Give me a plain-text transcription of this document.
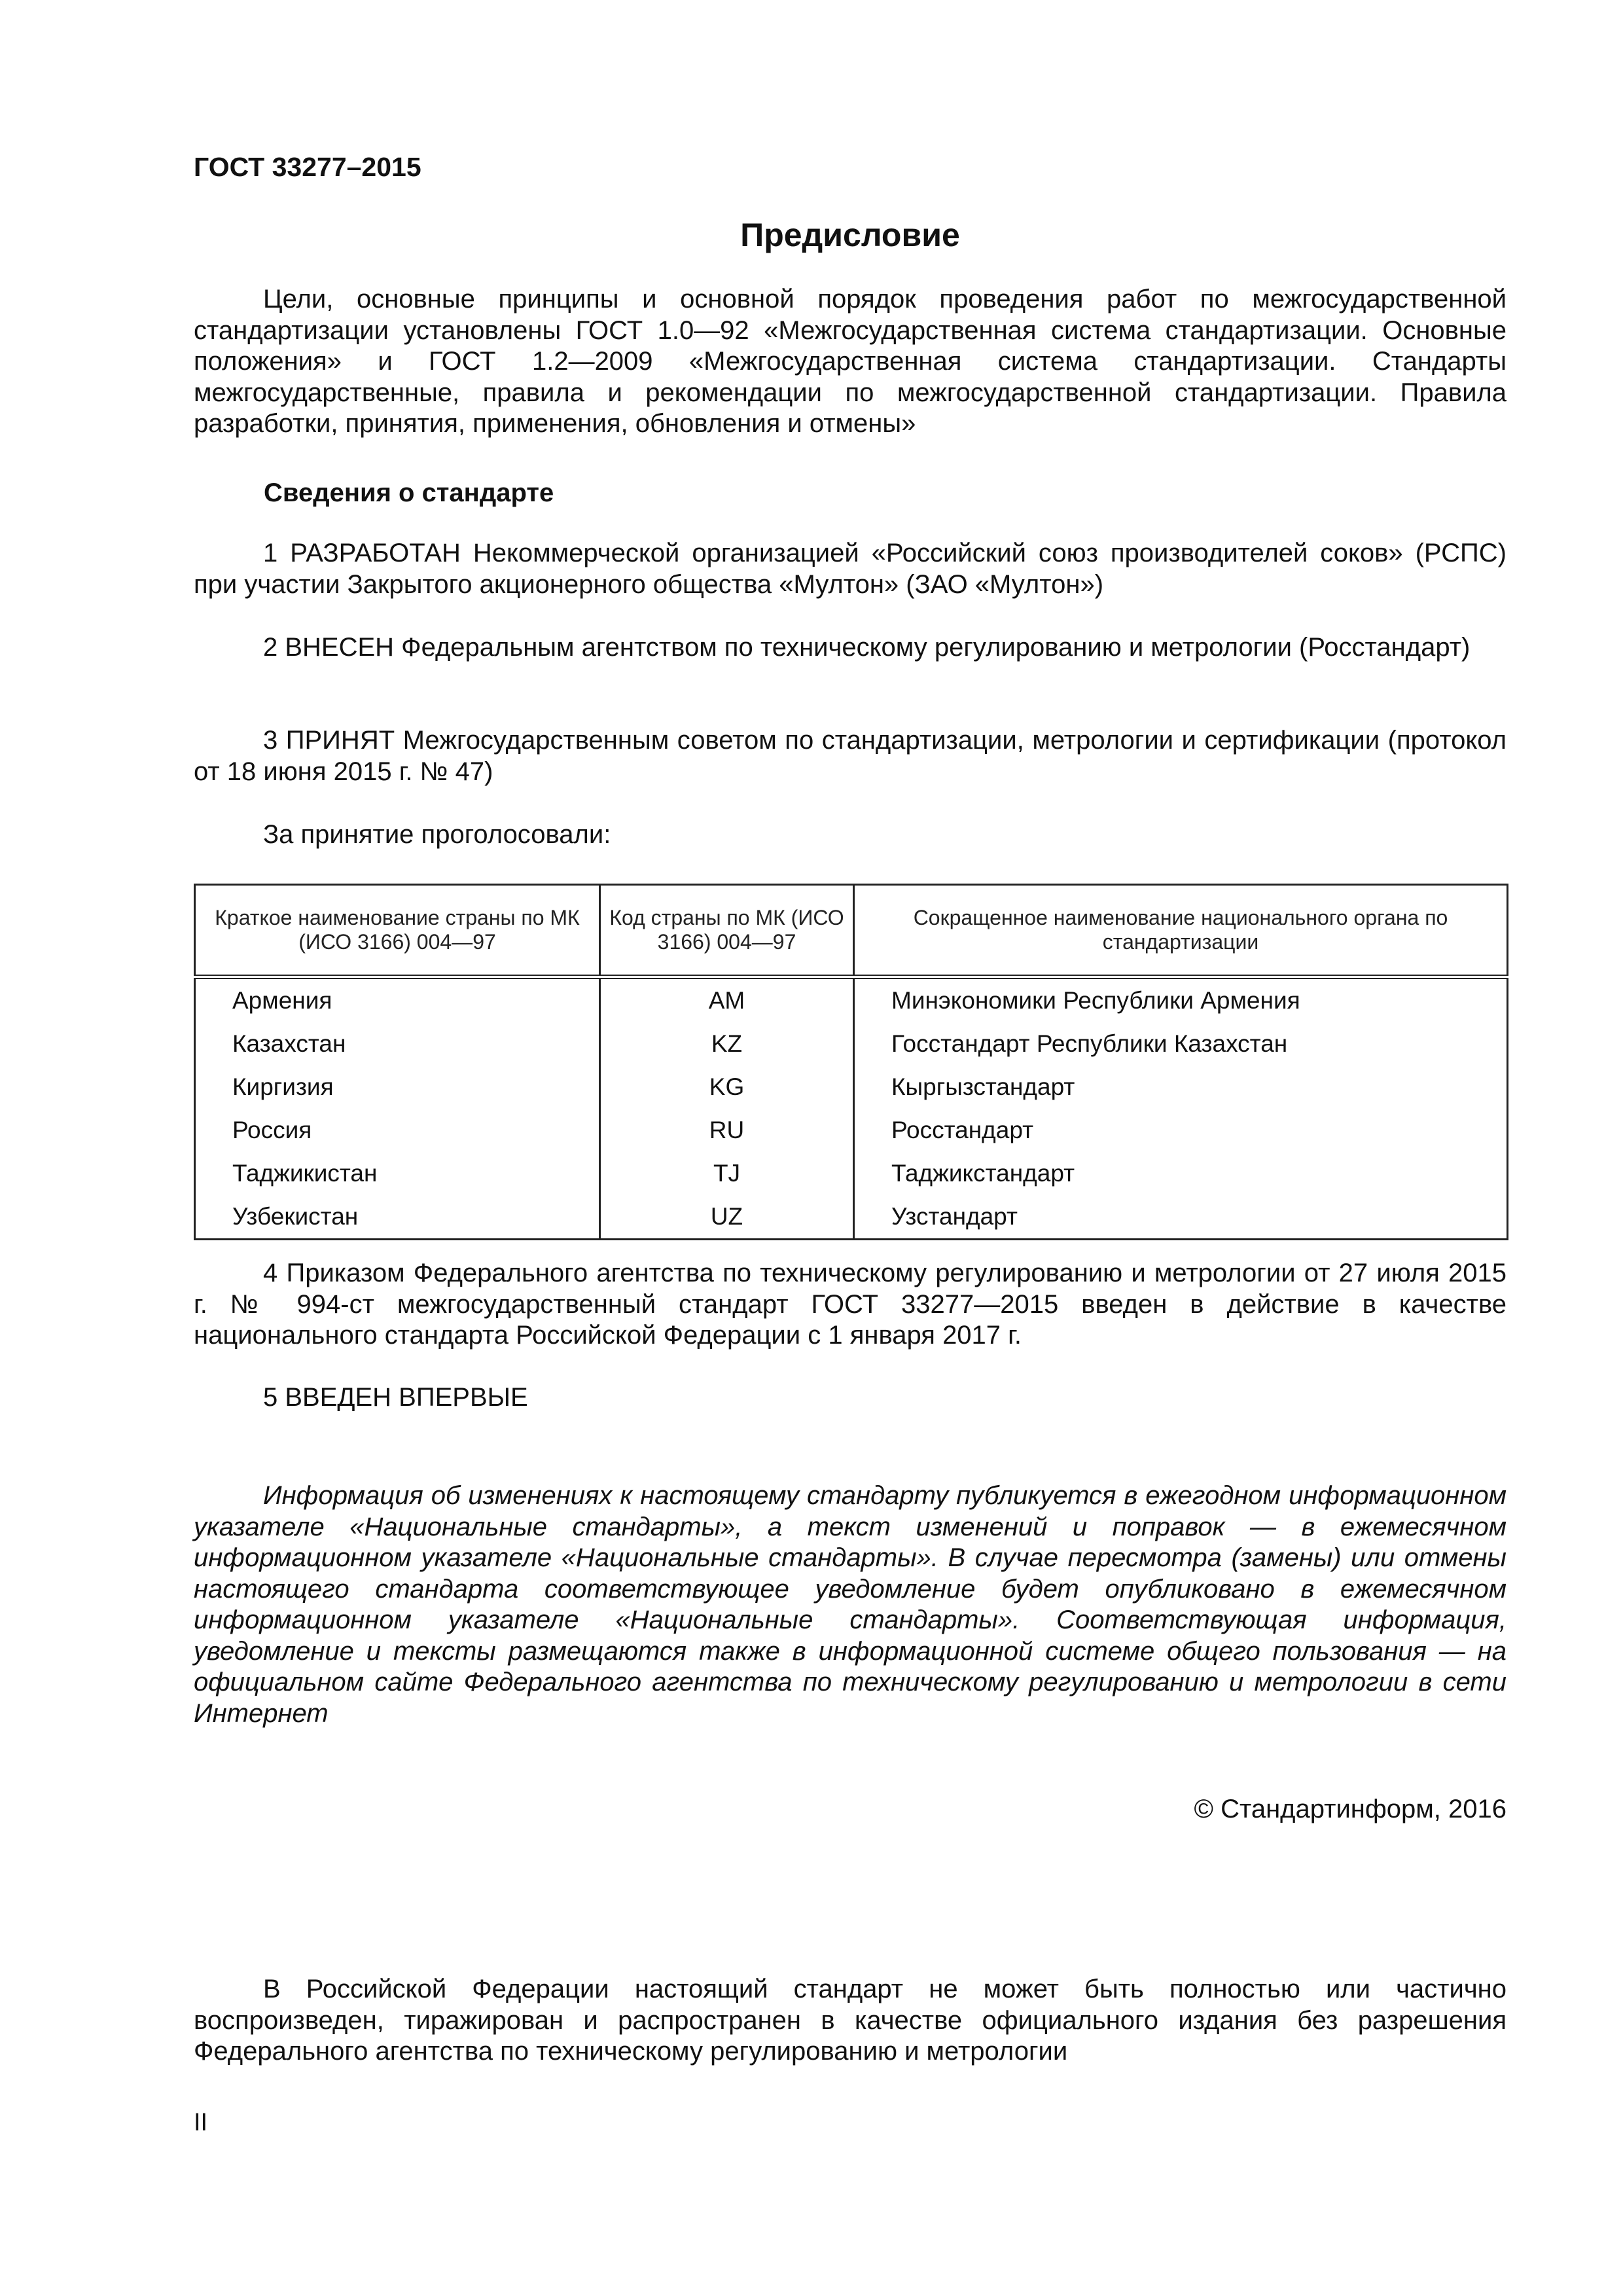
ГОСТ 33277–2015
Предисловие
Цели, основные принципы и основной порядок проведения работ по межгосударственной стандартизации установлены ГОСТ 1.0—92 «Межгосударственная система стандартизации. Основные положения» и ГОСТ 1.2—2009 «Межгосударственная система стандартизации. Стандарты межгосударственные, правила и рекомендации по межгосударственной стандартизации. Правила разработки, принятия, применения, обновления и отмены»
Сведения о стандарте
1 РАЗРАБОТАН Некоммерческой организацией «Российский союз производителей соков» (РСПС) при участии Закрытого акционерного общества «Мултон» (ЗАО «Мултон»)
2 ВНЕСЕН Федеральным агентством по техническому регулированию и метрологии (Росстандарт)
3 ПРИНЯТ Межгосударственным советом по стандартизации, метрологии и сертификации (протокол от 18 июня 2015 г. № 47)
За принятие проголосовали:
Краткое наименование страны по МК (ИСО 3166) 004—97	Код страны по МК (ИСО 3166) 004—97	Сокращенное наименование национального органа по стандартизации
Армения	AM	Минэкономики Республики Армения
Казахстан	KZ	Госстандарт Республики Казахстан
Киргизия	KG	Кыргызстандарт
Россия	RU	Росстандарт
Таджикистан	TJ	Таджикстандарт
Узбекистан	UZ	Узстандарт
4 Приказом Федерального агентства по техническому регулированию и метрологии от 27 июля 2015 г. № 994-ст межгосударственный стандарт ГОСТ 33277—2015 введен в действие в качестве национального стандарта Российской Федерации с 1 января 2017 г.
5 ВВЕДЕН ВПЕРВЫЕ
Информация об изменениях к настоящему стандарту публикуется в ежегодном информационном указателе «Национальные стандарты», а текст изменений и поправок — в ежемесячном информационном указателе «Национальные стандарты». В случае пересмотра (замены) или отмены настоящего стандарта соответствующее уведомление будет опубликовано в ежемесячном информационном указателе «Национальные стандарты». Соответствующая информация, уведомление и тексты размещаются также в информационной системе общего пользования — на официальном сайте Федерального агентства по техническому регулированию и метрологии в сети Интернет
© Стандартинформ, 2016
В Российской Федерации настоящий стандарт не может быть полностью или частично воспроизведен, тиражирован и распространен в качестве официального издания без разрешения Федерального агентства по техническому регулированию и метрологии
II
